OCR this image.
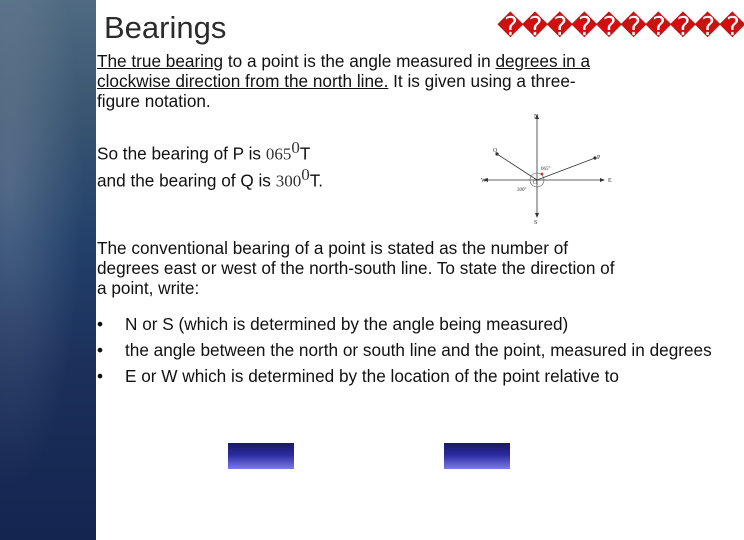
Bearings	����������

The true bearing to a point is the angle measured in degrees in a
clockwise direction from the north line. It is given using a three-
figure notation.

So the bearing of P is $065^0T$
and the bearing of Q is $300^0T$.

N
S
E
W	O
P
Q
065°
300°

The conventional bearing of a point is stated as the number of
degrees east or west of the north-south line. To state the direction of
a point, write:

• N or S (which is determined by the angle being measured)
• the angle between the north or south line and the point, measured in degrees
• E or W which is determined by the location of the point relative to
